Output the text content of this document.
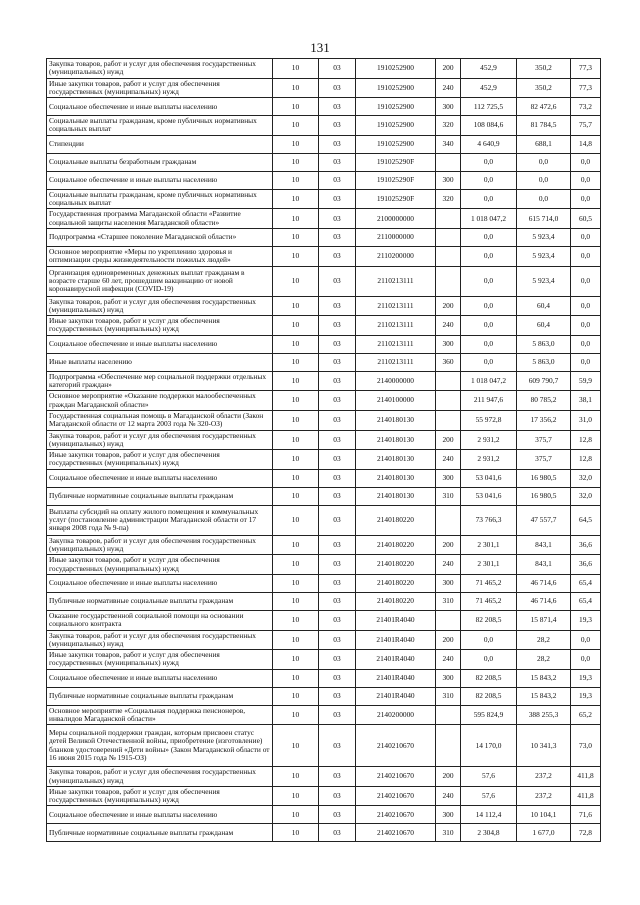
131
Закупка товаров, работ и услуг для обеспечения государственных (муниципальных) нужд	10	03	1910252900	200	452,9	350,2	77,3
Иные закупки товаров, работ и услуг для обеспечения государственных (муниципальных) нужд	10	03	1910252900	240	452,9	350,2	77,3
Социальное обеспечение и иные выплаты населению	10	03	1910252900	300	112 725,5	82 472,6	73,2
Социальные выплаты гражданам, кроме публичных нормативных социальных выплат	10	03	1910252900	320	108 084,6	81 784,5	75,7
Стипендии	10	03	1910252900	340	4 640,9	688,1	14,8
Социальные выплаты безработным гражданам	10	03	191025290F		0,0	0,0	0,0
Социальное обеспечение и иные выплаты населению	10	03	191025290F	300	0,0	0,0	0,0
Социальные выплаты гражданам, кроме публичных нормативных социальных выплат	10	03	191025290F	320	0,0	0,0	0,0
Государственная программа Магаданской области «Развитие социальной защиты населения Магаданской области»	10	03	2100000000		1 018 047,2	615 714,0	60,5
Подпрограмма «Старшее поколение Магаданской области»	10	03	2110000000		0,0	5 923,4	0,0
Основное мероприятие «Меры по укреплению здоровья и оптимизации среды жизнедеятельности пожилых людей»	10	03	2110200000		0,0	5 923,4	0,0
Организация единовременных денежных выплат гражданам в возрасте старше 60 лет, прошедшим вакцинацию от новой коронавирусной инфекции (COVID-19)	10	03	2110213111		0,0	5 923,4	0,0
Закупка товаров, работ и услуг для обеспечения государственных (муниципальных) нужд	10	03	2110213111	200	0,0	60,4	0,0
Иные закупки товаров, работ и услуг для обеспечения государственных (муниципальных) нужд	10	03	2110213111	240	0,0	60,4	0,0
Социальное обеспечение и иные выплаты населению	10	03	2110213111	300	0,0	5 863,0	0,0
Иные выплаты населению	10	03	2110213111	360	0,0	5 863,0	0,0
Подпрограмма «Обеспечение мер социальной поддержки отдельных категорий граждан»	10	03	2140000000		1 018 047,2	609 790,7	59,9
Основное мероприятие «Оказание поддержки малообеспеченных граждан Магаданской области»	10	03	2140100000		211 947,6	80 785,2	38,1
Государственная социальная помощь в Магаданской области (Закон Магаданской области от 12 марта 2003 года № 320-ОЗ)	10	03	2140180130		55 972,8	17 356,2	31,0
Закупка товаров, работ и услуг для обеспечения государственных (муниципальных) нужд	10	03	2140180130	200	2 931,2	375,7	12,8
Иные закупки товаров, работ и услуг для обеспечения государственных (муниципальных) нужд	10	03	2140180130	240	2 931,2	375,7	12,8
Социальное обеспечение и иные выплаты населению	10	03	2140180130	300	53 041,6	16 980,5	32,0
Публичные нормативные социальные выплаты гражданам	10	03	2140180130	310	53 041,6	16 980,5	32,0
Выплаты субсидий на оплату жилого помещения и коммунальных услуг (постановление администрации Магаданской области от 17 января 2008 года № 9-па)	10	03	2140180220		73 766,3	47 557,7	64,5
Закупка товаров, работ и услуг для обеспечения государственных (муниципальных) нужд	10	03	2140180220	200	2 301,1	843,1	36,6
Иные закупки товаров, работ и услуг для обеспечения государственных (муниципальных) нужд	10	03	2140180220	240	2 301,1	843,1	36,6
Социальное обеспечение и иные выплаты населению	10	03	2140180220	300	71 465,2	46 714,6	65,4
Публичные нормативные социальные выплаты гражданам	10	03	2140180220	310	71 465,2	46 714,6	65,4
Оказание государственной социальной помощи на основании социального контракта	10	03	21401R4040		82 208,5	15 871,4	19,3
Закупка товаров, работ и услуг для обеспечения государственных (муниципальных) нужд	10	03	21401R4040	200	0,0	28,2	0,0
Иные закупки товаров, работ и услуг для обеспечения государственных (муниципальных) нужд	10	03	21401R4040	240	0,0	28,2	0,0
Социальное обеспечение и иные выплаты населению	10	03	21401R4040	300	82 208,5	15 843,2	19,3
Публичные нормативные социальные выплаты гражданам	10	03	21401R4040	310	82 208,5	15 843,2	19,3
Основное мероприятие «Социальная поддержка пенсионеров, инвалидов Магаданской области»	10	03	2140200000		595 824,9	388 255,3	65,2
Меры социальной поддержки граждан, которым присвоен статус детей Великой Отечественной войны, приобретение (изготовление) бланков удостоверений «Дети войны» (Закон Магаданской области от 16 июня 2015 года № 1915-ОЗ)	10	03	2140210670		14 170,0	10 341,3	73,0
Закупка товаров, работ и услуг для обеспечения государственных (муниципальных) нужд	10	03	2140210670	200	57,6	237,2	411,8
Иные закупки товаров, работ и услуг для обеспечения государственных (муниципальных) нужд	10	03	2140210670	240	57,6	237,2	411,8
Социальное обеспечение и иные выплаты населению	10	03	2140210670	300	14 112,4	10 104,1	71,6
Публичные нормативные социальные выплаты гражданам	10	03	2140210670	310	2 304,8	1 677,0	72,8
